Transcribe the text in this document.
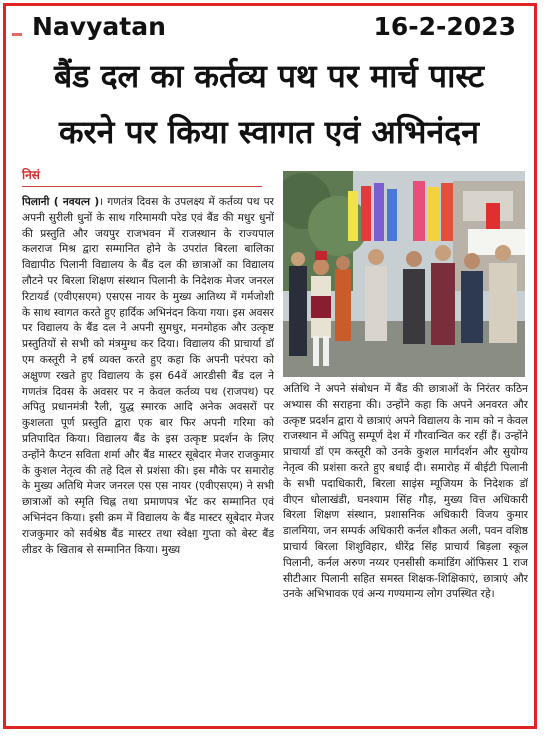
Navyatan	16-2-2023
बैंड दल का कर्तव्य पथ पर मार्च पास्ट
करने पर किया स्वागत एवं अभिनंदन
निसं
पिलानी ( नवयत्न )। गणतंत्र दिवस के उपलक्ष्य में कर्तव्य पथ पर अपनी सुरीली धुनों के साथ गरिमामयी परेड एवं बैंड की मधुर धुनों की प्रस्तुति और जयपुर राजभवन में राजस्थान के राज्यपाल कलराज मिश्र द्वारा सम्मानित होने के उपरांत बिरला बालिका विद्यापीठ पिलानी विद्यालय के बैंड दल की छात्राओं का विद्यालय लौटने पर बिरला शिक्षण संस्थान पिलानी के निदेशक मेजर जनरल रिटायर्ड (एवीएसएम) एसएस नायर के मुख्य आतिथ्य में गर्मजोशी के साथ स्वागत करते हुए हार्दिक अभिनंदन किया गया। इस अवसर पर विद्यालय के बैंड दल ने अपनी सुमधुर, मनमोहक और उत्कृष्ट प्रस्तुतियों से सभी को मंत्रमुग्ध कर दिया। विद्यालय की प्राचार्या डॉ एम कस्तूरी ने हर्ष व्यक्त करते हुए कहा कि अपनी परंपरा को अक्षुण्ण रखते हुए विद्यालय के इस 64वें आरडीसी बैंड दल ने गणतंत्र दिवस के अवसर पर न केवल कर्तव्य पथ (राजपथ) पर अपितु प्रधानमंत्री रैली, युद्ध स्मारक आदि अनेक अवसरों पर कुशलता पूर्ण प्रस्तुति द्वारा एक बार फिर अपनी गरिमा को प्रतिपादित किया। विद्यालय बैंड के इस उत्कृष्ट प्रदर्शन के लिए उन्होंने कैप्टन सविता शर्मा और बैंड मास्टर सूबेदार मेजर राजकुमार के कुशल नेतृत्व की तहे दिल से प्रशंसा की। इस मौके पर समारोह के मुख्य अतिथि मेजर जनरल एस एस नायर (एवीएसएम) ने सभी छात्राओं को स्मृति चिह्न तथा प्रमाणपत्र भेंट कर सम्मानित एवं अभिनंदन किया। इसी क्रम में विद्यालय के बैंड मास्टर सूबेदार मेजर राजकुमार को सर्वश्रेष्ठ बैंड मास्टर तथा स्वेक्षा गुप्ता को बेस्ट बैंड लीडर के खिताब से सम्मानित किया। मुख्य
अतिथि ने अपने संबोधन में बैंड की छात्राओं के निरंतर कठिन अभ्यास की सराहना की। उन्होंने कहा कि अपने अनवरत और उत्कृष्ट प्रदर्शन द्वारा ये छात्राएं अपने विद्यालय के नाम को न केवल राजस्थान में अपितु सम्पूर्ण देश में गौरवान्वित कर रहीं हैं। उन्होंने प्राचार्या डॉ एम कस्तूरी को उनके कुशल मार्गदर्शन और सुयोग्य नेतृत्व की प्रशंसा करते हुए बधाई दी। समारोह में बीईटी पिलानी के सभी पदाधिकारी, बिरला साइंस म्यूजियम के निदेशक डॉ वीएन धोलाखंडी, घनश्याम सिंह गौड़, मुख्य वित्त अधिकारी बिरला शिक्षण संस्थान, प्रशासनिक अधिकारी विजय कुमार डालमिया, जन सम्पर्क अधिकारी कर्नल शौकत अली, पवन वशिष्ठ प्राचार्य बिरला शिशुविहार, धीरेंद्र सिंह प्राचार्य बिड़ला स्कूल पिलानी, कर्नल अरुण नय्यर एनसीसी कमांडिंग ऑफिसर 1 राज सीटीआर पिलानी सहित समस्त शिक्षक-शिक्षिकाएं, छात्राएं और उनके अभिभावक एवं अन्य गण्यमान्य लोग उपस्थित रहे।
